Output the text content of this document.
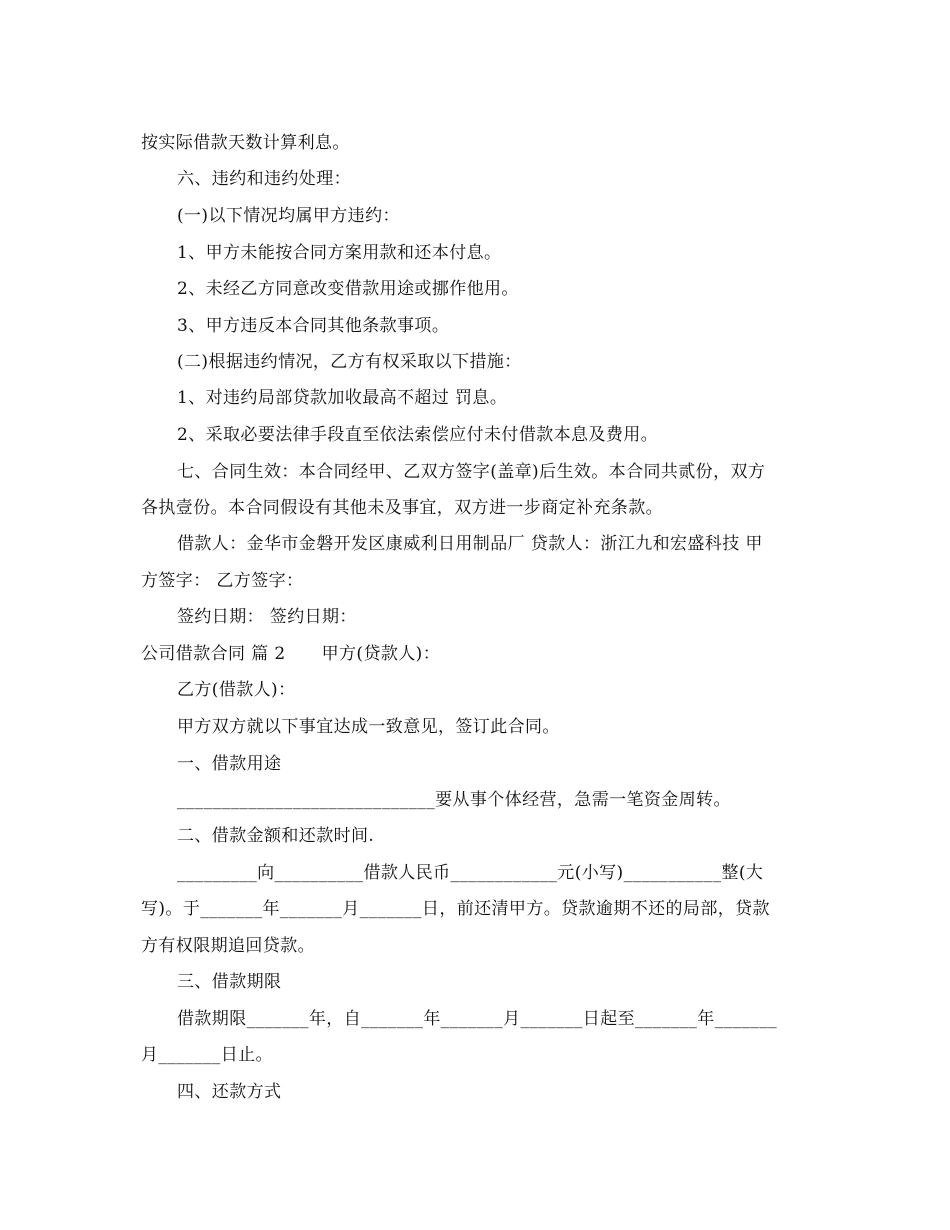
按实际借款天数计算利息。
六、违约和违约处理：
(一)以下情况均属甲方违约：
1、甲方未能按合同方案用款和还本付息。
2、未经乙方同意改变借款用途或挪作他用。
3、甲方违反本合同其他条款事项。
(二)根据违约情况，乙方有权采取以下措施：
1、对违约局部贷款加收最高不超过 罚息。
2、采取必要法律手段直至依法索偿应付未付借款本息及费用。
七、合同生效：本合同经甲、乙双方签字(盖章)后生效。本合同共贰份，双方
各执壹份。本合同假设有其他未及事宜，双方进一步商定补充条款。
借款人：金华市金磐开发区康威利日用制品厂 贷款人：浙江九和宏盛科技 甲
方签字： 乙方签字：
签约日期： 签约日期：
公司借款合同 篇 2 甲方(贷款人)：
乙方(借款人)：
甲方双方就以下事宜达成一致意见，签订此合同。
一、借款用途
_____________________________要从事个体经营，急需一笔资金周转。
二、借款金额和还款时间.
_________向__________借款人民币____________元(小写)___________整(大
写)。于_______年_______月_______日，前还清甲方。贷款逾期不还的局部，贷款
方有权限期追回贷款。
三、借款期限
借款期限_______年，自_______年_______月_______日起至_______年_______
月_______日止。
四、还款方式
